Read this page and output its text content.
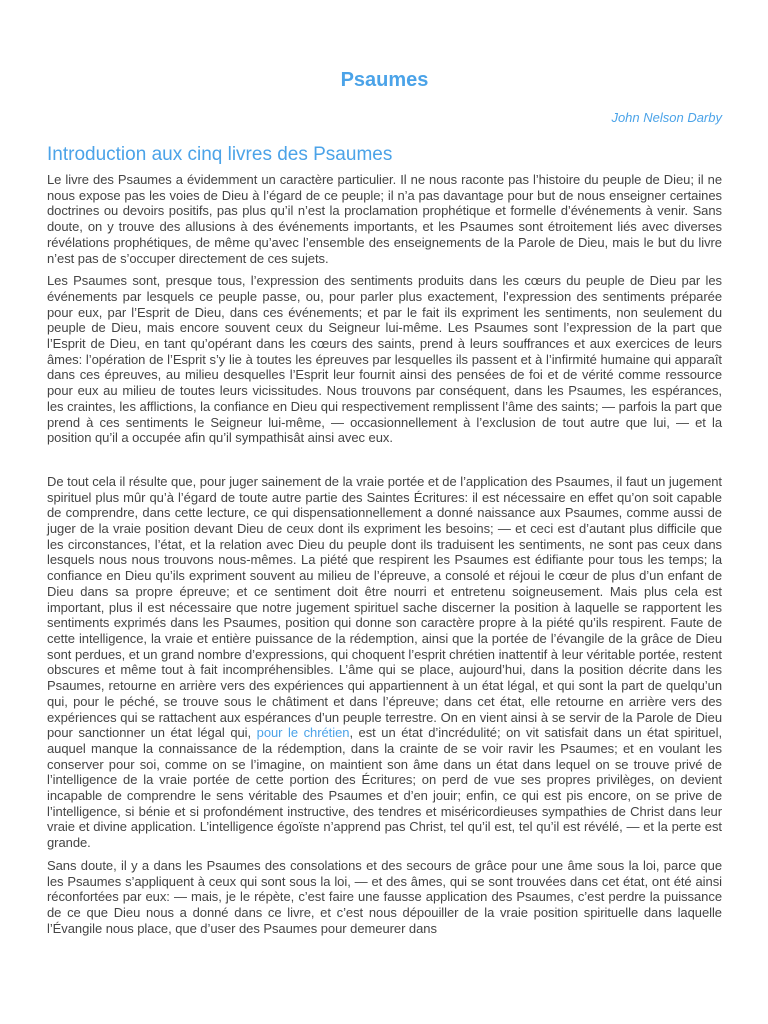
Psaumes

John Nelson Darby

Introduction aux cinq livres des Psaumes

Le livre des Psaumes a évidemment un caractère particulier. Il ne nous raconte pas l’histoire du peuple de Dieu; il ne nous expose pas les voies de Dieu à l’égard de ce peuple; il n’a pas davantage pour but de nous enseigner certaines doctrines ou devoirs positifs, pas plus qu’il n’est la proclamation prophétique et formelle d’événements à venir. Sans doute, on y trouve des allusions à des événements importants, et les Psaumes sont étroitement liés avec diverses révélations prophétiques, de même qu’avec l’ensemble des enseignements de la Parole de Dieu, mais le but du livre n’est pas de s’occuper directement de ces sujets.

Les Psaumes sont, presque tous, l’expression des sentiments produits dans les cœurs du peuple de Dieu par les événements par lesquels ce peuple passe, ou, pour parler plus exactement, l’expression des sentiments préparée pour eux, par l’Esprit de Dieu, dans ces événements; et par le fait ils expriment les sentiments, non seulement du peuple de Dieu, mais encore souvent ceux du Seigneur lui-même. Les Psaumes sont l’expression de la part que l’Esprit de Dieu, en tant qu’opérant dans les cœurs des saints, prend à leurs souffrances et aux exercices de leurs âmes: l’opération de l’Esprit s’y lie à toutes les épreuves par lesquelles ils passent et à l’infirmité humaine qui apparaît dans ces épreuves, au milieu desquelles l’Esprit leur fournit ainsi des pensées de foi et de vérité comme ressource pour eux au milieu de toutes leurs vicissitudes. Nous trouvons par conséquent, dans les Psaumes, les espérances, les craintes, les afflictions, la confiance en Dieu qui respectivement remplissent l’âme des saints; — parfois la part que prend à ces sentiments le Seigneur lui-même, — occasionnellement à l’exclusion de tout autre que lui, — et la position qu’il a occupée afin qu’il sympathisât ainsi avec eux.

De tout cela il résulte que, pour juger sainement de la vraie portée et de l’application des Psaumes, il faut un jugement spirituel plus mûr qu’à l’égard de toute autre partie des Saintes Écritures: il est nécessaire en effet qu’on soit capable de comprendre, dans cette lecture, ce qui dispensationnellement a donné naissance aux Psaumes, comme aussi de juger de la vraie position devant Dieu de ceux dont ils expriment les besoins; — et ceci est d’autant plus difficile que les circonstances, l’état, et la relation avec Dieu du peuple dont ils traduisent les sentiments, ne sont pas ceux dans lesquels nous nous trouvons nous-mêmes. La piété que respirent les Psaumes est édifiante pour tous les temps; la confiance en Dieu qu’ils expriment souvent au milieu de l’épreuve, a consolé et réjoui le cœur de plus d’un enfant de Dieu dans sa propre épreuve; et ce sentiment doit être nourri et entretenu soigneusement. Mais plus cela est important, plus il est nécessaire que notre jugement spirituel sache discerner la position à laquelle se rapportent les sentiments exprimés dans les Psaumes, position qui donne son caractère propre à la piété qu’ils respirent. Faute de cette intelligence, la vraie et entière puissance de la rédemption, ainsi que la portée de l’évangile de la grâce de Dieu sont perdues, et un grand nombre d’expressions, qui choquent l’esprit chrétien inattentif à leur véritable portée, restent obscures et même tout à fait incompréhensibles. L’âme qui se place, aujourd’hui, dans la position décrite dans les Psaumes, retourne en arrière vers des expériences qui appartiennent à un état légal, et qui sont la part de quelqu’un qui, pour le péché, se trouve sous le châtiment et dans l’épreuve; dans cet état, elle retourne en arrière vers des expériences qui se rattachent aux espérances d’un peuple terrestre. On en vient ainsi à se servir de la Parole de Dieu pour sanctionner un état légal qui, pour le chrétien, est un état d’incrédulité; on vit satisfait dans un état spirituel, auquel manque la connaissance de la rédemption, dans la crainte de se voir ravir les Psaumes; et en voulant les conserver pour soi, comme on se l’imagine, on maintient son âme dans un état dans lequel on se trouve privé de l’intelligence de la vraie portée de cette portion des Écritures; on perd de vue ses propres privilèges, on devient incapable de comprendre le sens véritable des Psaumes et d’en jouir; enfin, ce qui est pis encore, on se prive de l’intelligence, si bénie et si profondément instructive, des tendres et miséricordieuses sympathies de Christ dans leur vraie et divine application. L’intelligence égoïste n’apprend pas Christ, tel qu’il est, tel qu’il est révélé, — et la perte est grande.

Sans doute, il y a dans les Psaumes des consolations et des secours de grâce pour une âme sous la loi, parce que les Psaumes s’appliquent à ceux qui sont sous la loi, — et des âmes, qui se sont trouvées dans cet état, ont été ainsi réconfortées par eux: — mais, je le répète, c’est faire une fausse application des Psaumes, c’est perdre la puissance de ce que Dieu nous a donné dans ce livre, et c’est nous dépouiller de la vraie position spirituelle dans laquelle l’Évangile nous place, que d’user des Psaumes pour demeurer dans
